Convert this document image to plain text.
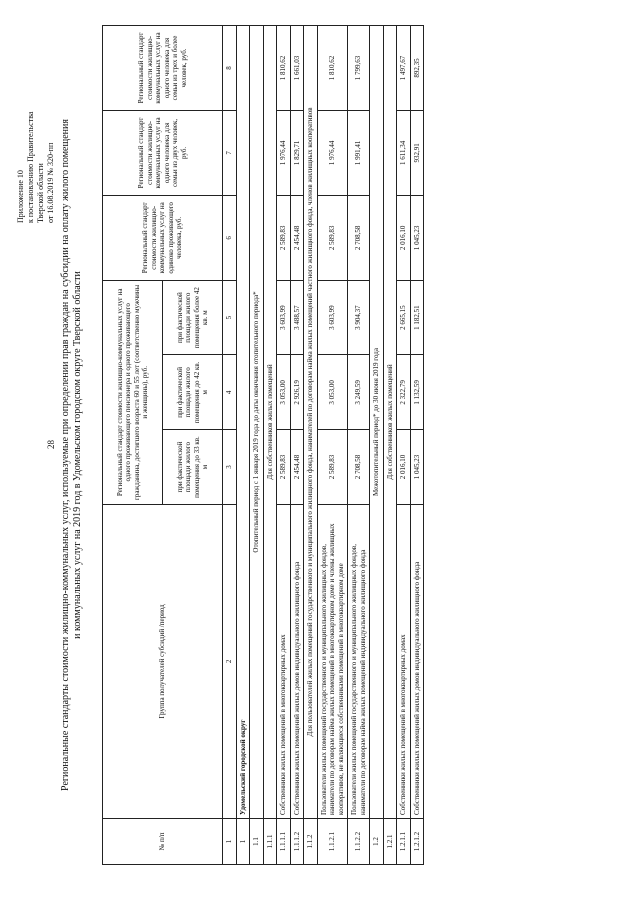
28
Приложение 10 к постановлению Правительства Тверской области от 16.08.2019 № 320-пп Региональные стандарты стоимости жилищно-коммунальных услуг, используемые при определении прав граждан на субсидии на оплату жилого помещения и коммунальных услуг на 2019 год в Удомельском городском округе Тверской области
№ п/п	Группа получателей субсидий /период	Региональный стандарт стоимости жилищно-коммунальных услуг на одного проживающего пенсионера и одного проживающего гражданина, достигшего возраста 60 и 55 лет (соответственно мужчины и женщины), руб.			Региональный стандарт стоимости жилищно-коммунальных услуг на одиноко проживающего человека, руб.	Региональный стандарт стоимости жилищно-коммунальных услуг на одного человека для семьи из двух человек, руб.	Региональный стандарт стоимости жилищно-коммунальных услуг на одного человека для семьи из трех и более человек, руб.
		при фактической площади жилого помещения до 33 кв. м	при фактической площади жилого помещения до 42 кв. м	при фактической площади жилого помещения более 42 кв. м			
1	2	3	4	5	6	7	8
1	Удомельский городской округ						
1.1	Отопительный период с 1 января 2019 года до даты окончания отопительного периода*						
1.1.1	Для собственников жилых помещений						
1.1.1.1	Собственники жилых помещений в многоквартирных домах	2 589,83	3 053,00	3 603,99	2 589,83	1 976,44	1 810,62
1.1.1.2	Собственники жилых помещений жилых домов индивидуального жилищного фонда	2 454,48	2 926,19	3 488,57	2 454,48	1 829,71	1 661,03
1.1.2	Для пользователей жилых помещений государственного и муниципального жилищного фонда, нанимателей по договорам найма жилых помещений частного жилищного фонда, членов жилищных кооперативов						
1.1.2.1	Пользователи жилых помещений государственного и муниципального жилищных фондов, наниматели по договорам найма жилых помещений в многоквартирном доме и члены жилищных кооперативов, не являющиеся собственниками помещений в многоквартирном доме	2 589,83	3 053,00	3 603,99	2 589,83	1 976,44	1 810,62
1.1.2.2	Пользователи жилых помещений государственного и муниципального жилищных фондов, наниматели по договорам найма жилых помещений индивидуального жилищного фонда	2 708,58	3 249,59	3 904,37	2 708,58	1 991,41	1 799,63
1.2	Межотопительный период* до 30 июня 2019 года						
1.2.1	Для собственников жилых помещений						
1.2.1.1	Собственники жилых помещений в многоквартирных домах	2 016,10	2 322,79	2 665,15	2 016,10	1 611,34	1 497,67
1.2.1.2	Собственники жилых помещений жилых домов индивидуального жилищного фонда	1 045,23	1 132,59	1 182,51	1 045,23	932,91	892,35
